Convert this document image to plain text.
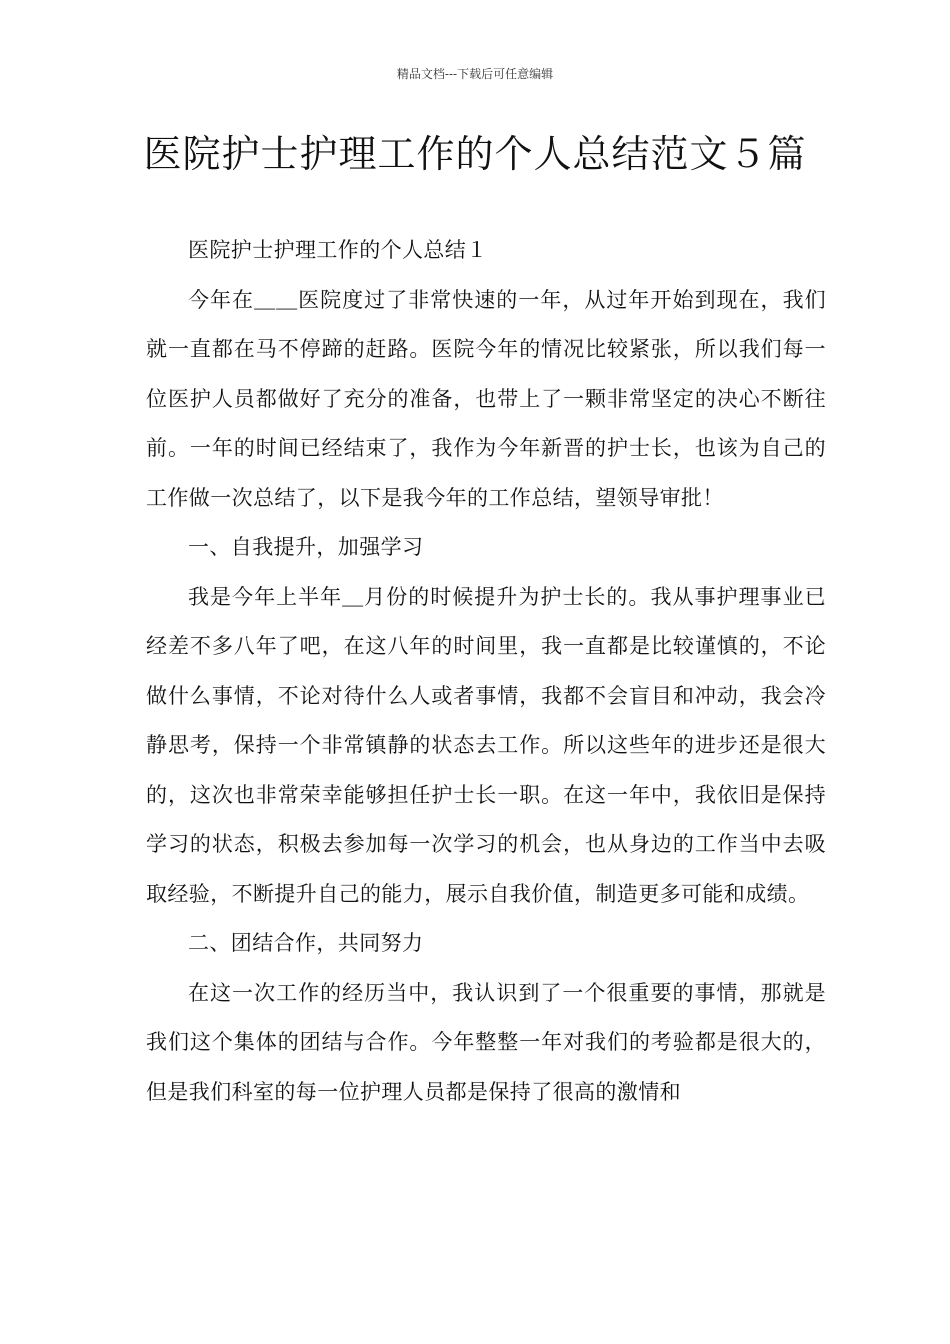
精品文档---下载后可任意编辑
医院护士护理工作的个人总结范文５篇

医院护士护理工作的个人总结１

今年在＿＿医院度过了非常快速的一年，从过年开始到现在，我们就一直都在马不停蹄的赶路。医院今年的情况比较紧张，所以我们每一位医护人员都做好了充分的准备，也带上了一颗非常坚定的决心不断往前。一年的时间已经结束了，我作为今年新晋的护士长，也该为自己的工作做一次总结了，以下是我今年的工作总结，望领导审批！

一、自我提升，加强学习

我是今年上半年＿月份的时候提升为护士长的。我从事护理事业已经差不多八年了吧，在这八年的时间里，我一直都是比较谨慎的，不论做什么事情，不论对待什么人或者事情，我都不会盲目和冲动，我会冷静思考，保持一个非常镇静的状态去工作。所以这些年的进步还是很大的，这次也非常荣幸能够担任护士长一职。在这一年中，我依旧是保持学习的状态，积极去参加每一次学习的机会，也从身边的工作当中去吸取经验，不断提升自己的能力，展示自我价值，制造更多可能和成绩。

二、团结合作，共同努力

在这一次工作的经历当中，我认识到了一个很重要的事情，那就是我们这个集体的团结与合作。今年整整一年对我们的考验都是很大的，但是我们科室的每一位护理人员都是保持了很高的激情和
